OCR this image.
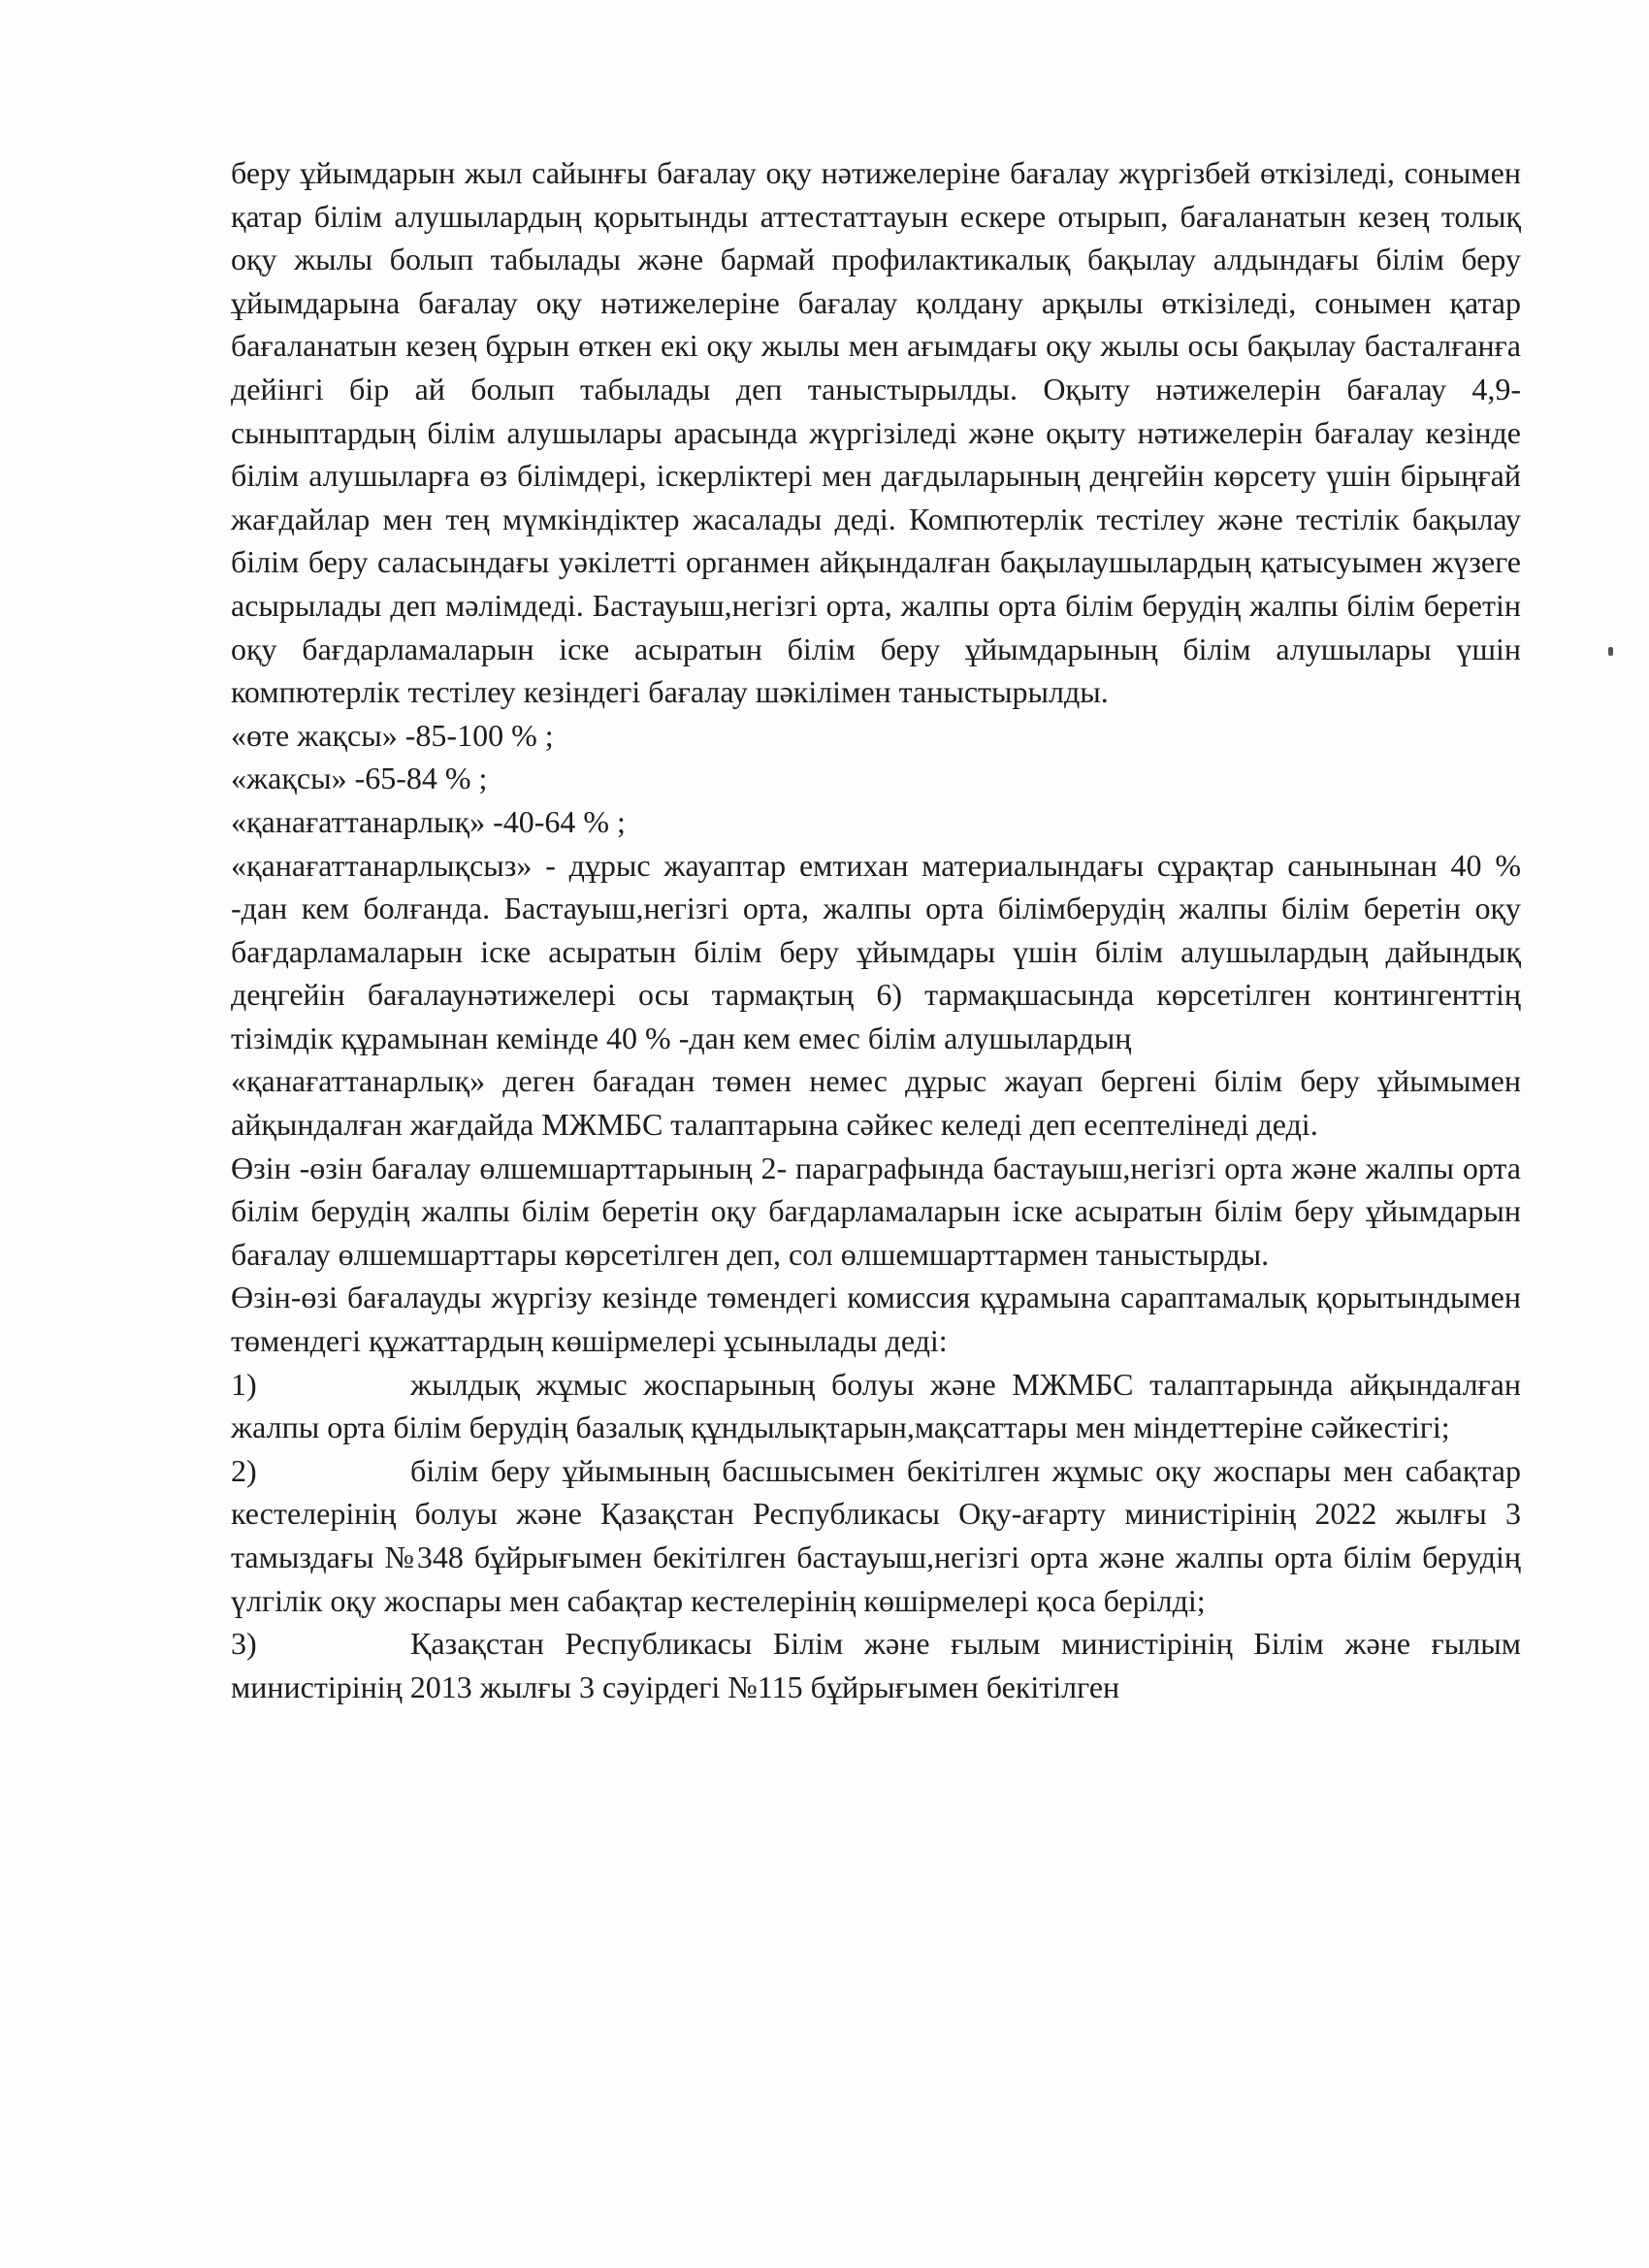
беру ұйымдарын жыл сайынғы бағалау оқу нәтижелеріне бағалау жүргізбей өткізіледі, сонымен қатар білім алушылардың қорытынды аттестаттауын ескере отырып, бағаланатын кезең толық оқу жылы болып табылады және бармай профилактикалық бақылау алдындағы білім беру ұйымдарына бағалау оқу нәтижелеріне бағалау қолдану арқылы өткізіледі, сонымен қатар бағаланатын кезең бұрын өткен екі оқу жылы мен ағымдағы оқу жылы осы бақылау басталғанға дейінгі бір ай болып табылады деп таныстырылды. Оқыту нәтижелерін бағалау 4,9-сыныптардың білім алушылары арасында жүргізіледі және оқыту нәтижелерін бағалау кезінде білім алушыларға өз білімдері, іскерліктері мен дағдыларының деңгейін көрсету үшін бірыңғай жағдайлар мен тең мүмкіндіктер жасалады деді. Компютерлік тестілеу және тестілік бақылау білім беру саласындағы уәкілетті органмен айқындалған бақылаушылардың қатысуымен жүзеге асырылады деп мәлімдеді. Бастауыш,негізгі орта, жалпы орта білім берудің жалпы білім беретін оқу бағдарламаларын іске асыратын білім беру ұйымдарының білім алушылары үшін компютерлік тестілеу кезіндегі бағалау шәкілімен таныстырылды.

«өте жақсы» -85-100 % ;

«жақсы» -65-84 % ;

«қанағаттанарлық» -40-64 % ;

«қанағаттанарлықсыз» - дұрыс жауаптар емтихан материалындағы сұрақтар санынынан 40 % -дан кем болғанда. Бастауыш,негізгі орта, жалпы орта білімберудің жалпы білім беретін оқу бағдарламаларын іске асыратын білім беру ұйымдары үшін білім алушылардың дайындық деңгейін бағалаунәтижелері осы тармақтың 6) тармақшасында көрсетілген контингенттің тізімдік құрамынан кемінде 40 % -дан кем емес білім алушылардың

«қанағаттанарлық» деген бағадан төмен немес дұрыс жауап бергені білім беру ұйымымен айқындалған жағдайда МЖМБС талаптарына сәйкес келеді деп есептелінеді деді.

Өзін -өзін бағалау өлшемшарттарының 2- параграфында бастауыш,негізгі орта және жалпы орта білім берудің жалпы білім беретін оқу бағдарламаларын іске асыратын білім беру ұйымдарын бағалау өлшемшарттары көрсетілген деп, сол өлшемшарттармен таныстырды.

Өзін-өзі бағалауды жүргізу кезінде төмендегі комиссия құрамына сараптамалық қорытындымен төмендегі құжаттардың көшірмелері ұсынылады деді:

1)	жылдық жұмыс жоспарының болуы және МЖМБС талаптарында айқындалған жалпы орта білім берудің базалық құндылықтарын,мақсаттары мен міндеттеріне сәйкестігі;

2)	білім беру ұйымының басшысымен бекітілген жұмыс оқу жоспары мен сабақтар кестелерінің болуы және Қазақстан Республикасы Оқу-ағарту министірінің 2022 жылғы 3 тамыздағы №348 бұйрығымен бекітілген бастауыш,негізгі орта және жалпы орта білім берудің үлгілік оқу жоспары мен сабақтар кестелерінің көшірмелері қоса берілді;

3)	Қазақстан Республикасы Білім және ғылым министірінің Білім және ғылым министірінің 2013 жылғы 3 сәуірдегі №115 бұйрығымен бекітілген
